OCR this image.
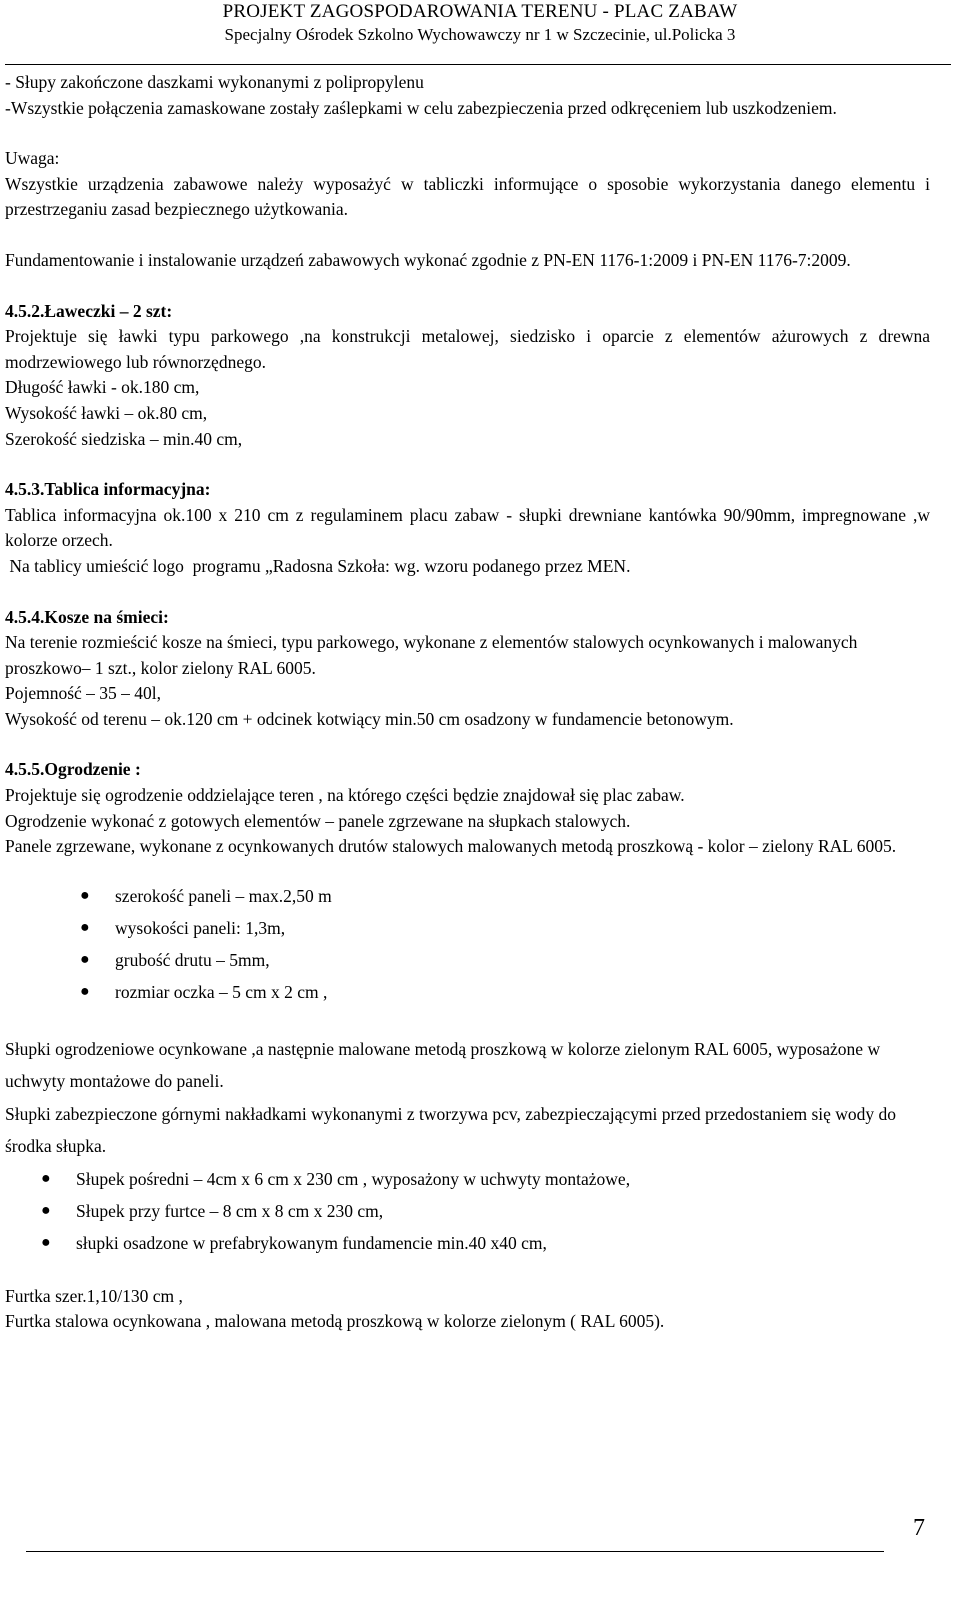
PROJEKT ZAGOSPODAROWANIA TERENU - PLAC ZABAW
Specjalny Ośrodek Szkolno Wychowawczy nr 1 w Szczecinie, ul.Policka 3

- Słupy zakończone daszkami wykonanymi z polipropylenu

-Wszystkie połączenia zamaskowane zostały zaślepkami w celu zabezpieczenia przed odkręceniem lub uszkodzeniem.

Uwaga:

Wszystkie urządzenia zabawowe należy wyposażyć w tabliczki informujące o sposobie wykorzystania danego elementu i przestrzeganiu zasad bezpiecznego użytkowania.

Fundamentowanie i instalowanie urządzeń zabawowych wykonać zgodnie z PN-EN 1176-1:2009 i PN-EN 1176-7:2009.

4.5.2.Ławeczki – 2 szt:

Projektuje się ławki typu parkowego ,na konstrukcji metalowej, siedzisko i oparcie z elementów ażurowych z drewna modrzewiowego lub równorzędnego.

Długość ławki - ok.180 cm,

Wysokość ławki – ok.80 cm,

Szerokość siedziska – min.40 cm,

4.5.3.Tablica informacyjna:

Tablica informacyjna ok.100 x 210 cm z regulaminem placu zabaw - słupki drewniane kantówka 90/90mm, impregnowane ,w kolorze orzech.

Na tablicy umieścić logo  programu „Radosna Szkoła: wg. wzoru podanego przez MEN.

4.5.4.Kosze na śmieci:

Na terenie rozmieścić kosze na śmieci, typu parkowego, wykonane z elementów stalowych ocynkowanych i malowanych proszkowo– 1 szt., kolor zielony RAL 6005.

Pojemność – 35 – 40l,

Wysokość od terenu – ok.120 cm + odcinek kotwiący min.50 cm osadzony w fundamencie betonowym.

4.5.5.Ogrodzenie :

Projektuje się ogrodzenie oddzielające teren , na którego części będzie znajdował się plac zabaw.

Ogrodzenie wykonać z gotowych elementów – panele zgrzewane na słupkach stalowych.

Panele zgrzewane, wykonane z ocynkowanych drutów stalowych malowanych metodą proszkową - kolor – zielony RAL 6005.

● szerokość paneli – max.2,50 m
● wysokości paneli: 1,3m,
● grubość drutu – 5mm,
● rozmiar oczka – 5 cm x 2 cm ,

Słupki ogrodzeniowe ocynkowane ,a następnie malowane metodą proszkową w kolorze zielonym RAL 6005, wyposażone w uchwyty montażowe do paneli.

Słupki zabezpieczone górnymi nakładkami wykonanymi z tworzywa pcv, zabezpieczającymi przed przedostaniem się wody do środka słupka.

● Słupek pośredni – 4cm x 6 cm x 230 cm , wyposażony w uchwyty montażowe,
● Słupek przy furtce – 8 cm x 8 cm x 230 cm,
● słupki osadzone w prefabrykowanym fundamencie min.40 x40 cm,

Furtka szer.1,10/130 cm ,

Furtka stalowa ocynkowana , malowana metodą proszkową w kolorze zielonym ( RAL 6005).

7
